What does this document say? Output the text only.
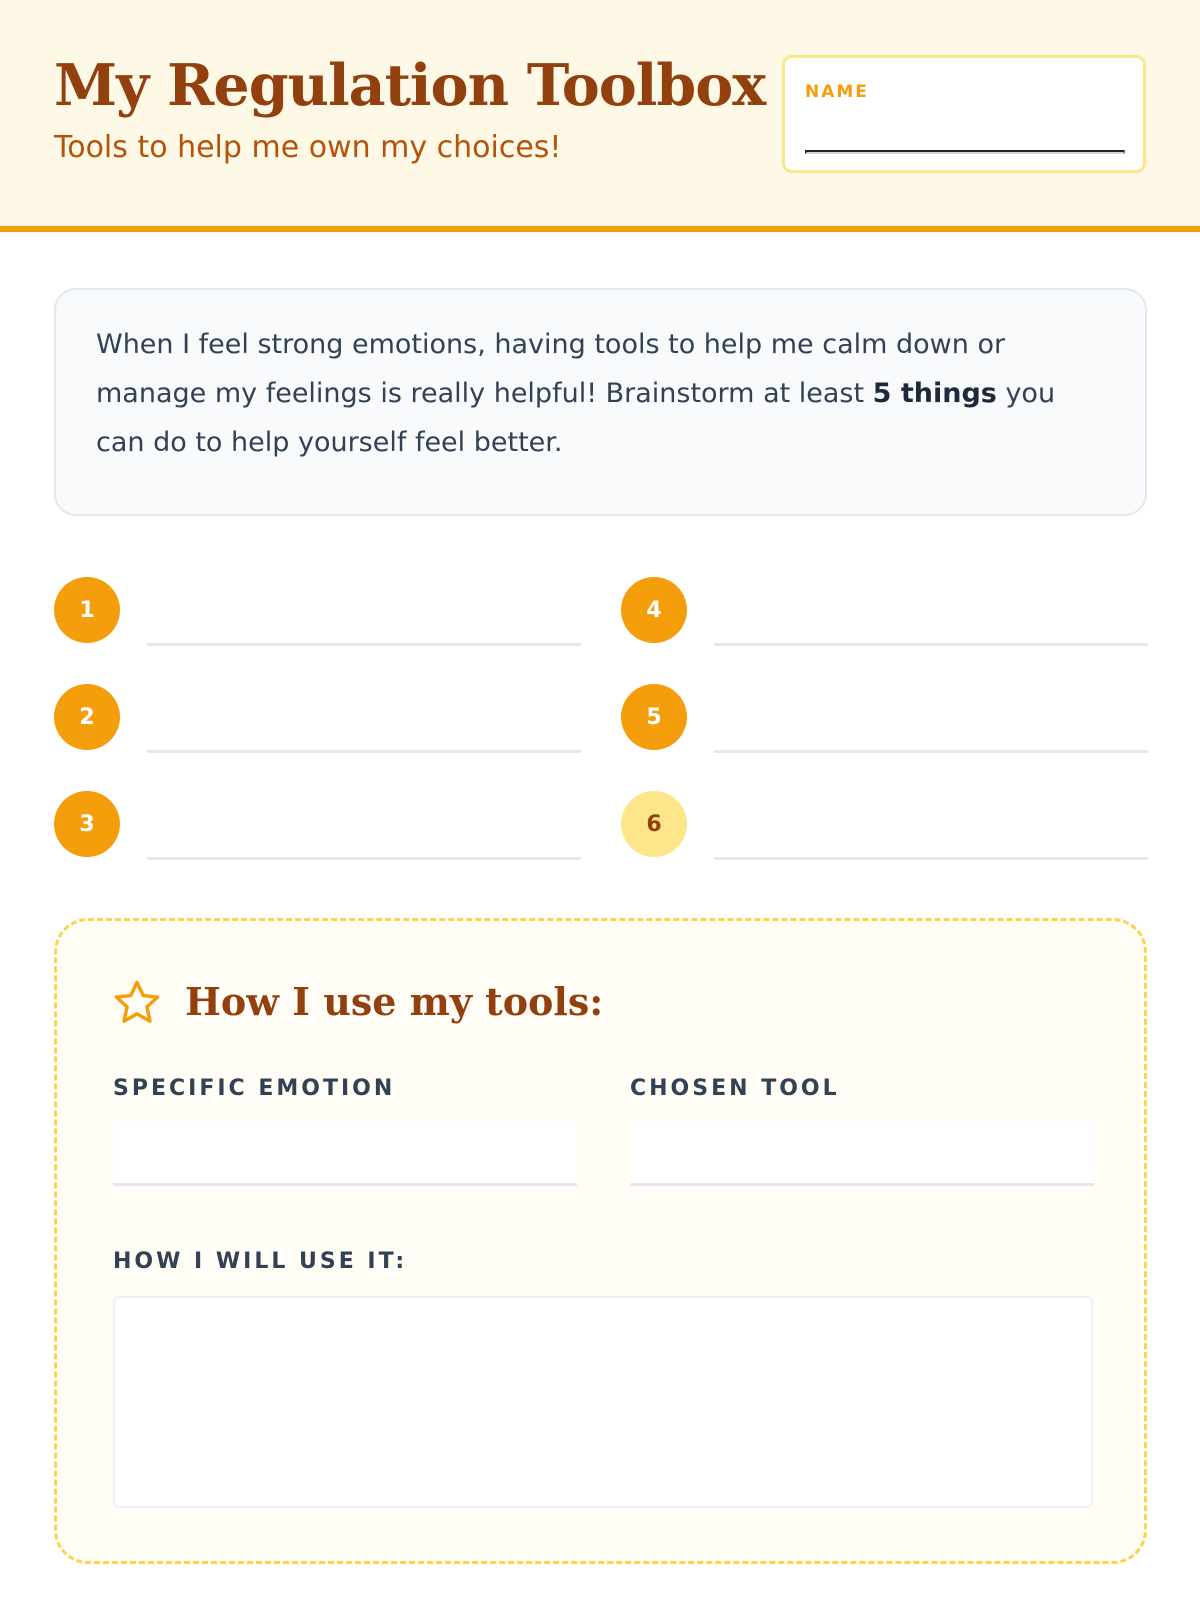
My Regulation Toolbox
Tools to help me own my choices!
NAME
When I feel strong emotions, having tools to help me calm down or manage my feelings is really helpful! Brainstorm at least 5 things you can do to help yourself feel better.
1
2
3
4
5
6
How I use my tools:
SPECIFIC EMOTION	CHOSEN TOOL
HOW I WILL USE IT:
